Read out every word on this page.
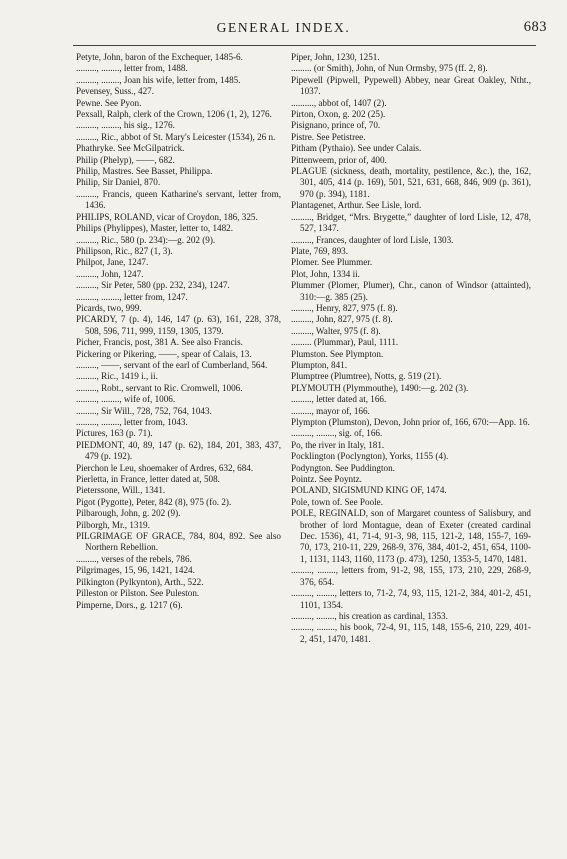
GENERAL INDEX.	683
Petyte, John, baron of the Exchequer, 1485-6.
........., ........, letter from, 1488.
........., ........, Joan his wife, letter from, 1485.
Pevensey, Suss., 427.
Pewne. See Pyon.
Pexsall, Ralph, clerk of the Crown, 1206 (1, 2), 1276.
........., ........, his sig., 1276.
........., Ric., abbot of St. Mary's Leicester (1534), 26 n.
Phathryke. See McGilpatrick.
Philip (Phelyp), ——, 682.
Philip, Mastres. See Basset, Philippa.
Philip, Sir Daniel, 870.
........., Francis, queen Katharine's servant, letter from, 1436.
PHILIPS, ROLAND, vicar of Croydon, 186, 325.
Philips (Phylippes), Master, letter to, 1482.
........., Ric., 580 (p. 234):—g. 202 (9).
Philipson, Ric., 827 (1, 3).
Philpot, Jane, 1247.
........., John, 1247.
........., Sir Peter, 580 (pp. 232, 234), 1247.
........., ........, letter from, 1247.
Picards, two, 999.
PICARDY, 7 (p. 4), 146, 147 (p. 63), 161, 228, 378, 508, 596, 711, 999, 1159, 1305, 1379.
Picher, Francis, post, 381 A. See also Francis.
Pickering or Pikering, ——, spear of Calais, 13.
........., ——, servant of the earl of Cumberland, 564.
........., Ric., 1419 i., ii.
........., Robt., servant to Ric. Cromwell, 1006.
........., ........, wife of, 1006.
........., Sir Will., 728, 752, 764, 1043.
........., ........, letter from, 1043.
Pictures, 163 (p. 71).
PIEDMONT, 40, 89, 147 (p. 62), 184, 201, 383, 437, 479 (p. 192).
Pierchon le Leu, shoemaker of Ardres, 632, 684.
Pierletta, in France, letter dated at, 508.
Pieterssone, Will., 1341.
Pigot (Pygotte), Peter, 842 (8), 975 (fo. 2).
Pilbarough, John, g. 202 (9).
Pilborgh, Mr., 1319.
PILGRIMAGE OF GRACE, 784, 804, 892. See also Northern Rebellion.
........., verses of the rebels, 786.
Pilgrimages, 15, 96, 1421, 1424.
Pilkington (Pylkynton), Arth., 522.
Pilleston or Pilston. See Puleston.
Pimperne, Dors., g. 1217 (6).
Piper, John, 1230, 1251.
......... (or Smith), John, of Nun Ormsby, 975 (ff. 2, 8).
Pipewell (Pipwell, Pypewell) Abbey, near Great Oakley, Ntht., 1037.
.........., abbot of, 1407 (2).
Pirton, Oxon, g. 202 (25).
Pisignano, prince of, 70.
Pistre. See Petistree.
Pitham (Pythaio). See under Calais.
Pittenweem, prior of, 400.
PLAGUE (sickness, death, mortality, pestilence, &c.), the, 162, 301, 405, 414 (p. 169), 501, 521, 631, 668, 846, 909 (p. 361), 970 (p. 394), 1181.
Plantagenet, Arthur. See Lisle, lord.
........., Bridget, “Mrs. Brygette,” daughter of lord Lisle, 12, 478, 527, 1347.
........., Frances, daughter of lord Lisle, 1303.
Plate, 769, 893.
Plomer. See Plummer.
Plot, John, 1334 ii.
Plummer (Plomer, Plumer), Chr., canon of Windsor (attainted), 310:—g. 385 (25).
........., Henry, 827, 975 (f. 8).
........., John, 827, 975 (f. 8).
........., Walter, 975 (f. 8).
......... (Plummar), Paul, 1111.
Plumston. See Plympton.
Plumpton, 841.
Plumptree (Plumtree), Notts, g. 519 (21).
PLYMOUTH (Plymmouthe), 1490:—g. 202 (3).
........., letter dated at, 166.
........., mayor of, 166.
Plympton (Plumston), Devon, John prior of, 166, 670:—App. 16.
........., ........, sig. of, 166.
Po, the river in Italy, 181.
Pocklington (Poclyngton), Yorks, 1155 (4).
Podyngton. See Puddington.
Pointz. See Poyntz.
POLAND, SIGISMUND KING OF, 1474.
Pole, town of. See Poole.
POLE, REGINALD, son of Margaret countess of Salisbury, and brother of lord Montague, dean of Exeter (created cardinal Dec. 1536), 41, 71-4, 91-3, 98, 115, 121-2, 148, 155-7, 169-70, 173, 210-11, 229, 268-9, 376, 384, 401-2, 451, 654, 1100-1, 1131, 1143, 1160, 1173 (p. 473), 1250, 1353-5, 1470, 1481.
........., ........, letters from, 91-2, 98, 155, 173, 210, 229, 268-9, 376, 654.
........., ........, letters to, 71-2, 74, 93, 115, 121-2, 384, 401-2, 451, 1101, 1354.
........., ........, his creation as cardinal, 1353.
........., ........, his book, 72-4, 91, 115, 148, 155-6, 210, 229, 401-2, 451, 1470, 1481.
